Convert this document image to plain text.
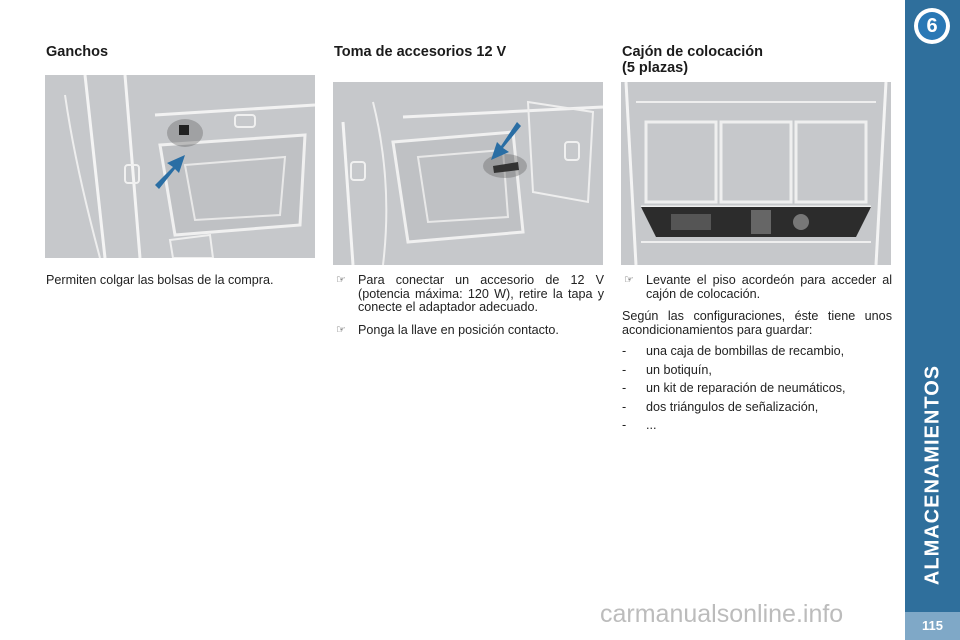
Ganchos
Permiten colgar las bolsas de la compra.
Toma de accesorios 12 V

☞ Para conectar un accesorio de 12 V (potencia máxima: 120 W), retire la tapa y conecte el adaptador adecuado.

☞ Ponga la llave en posición contacto.

Cajón de colocación
(5 plazas)

☞ Levante el piso acordeón para acceder al cajón de colocación.

Según las configuraciones, éste tiene unos acondicionamientos para guardar:

- una caja de bombillas de recambio,

- un botiquín,

- un kit de reparación de neumáticos,

- dos triángulos de señalización,

- ...

6
ALMACENAMIENTOS
115
carmanualsonline.info
